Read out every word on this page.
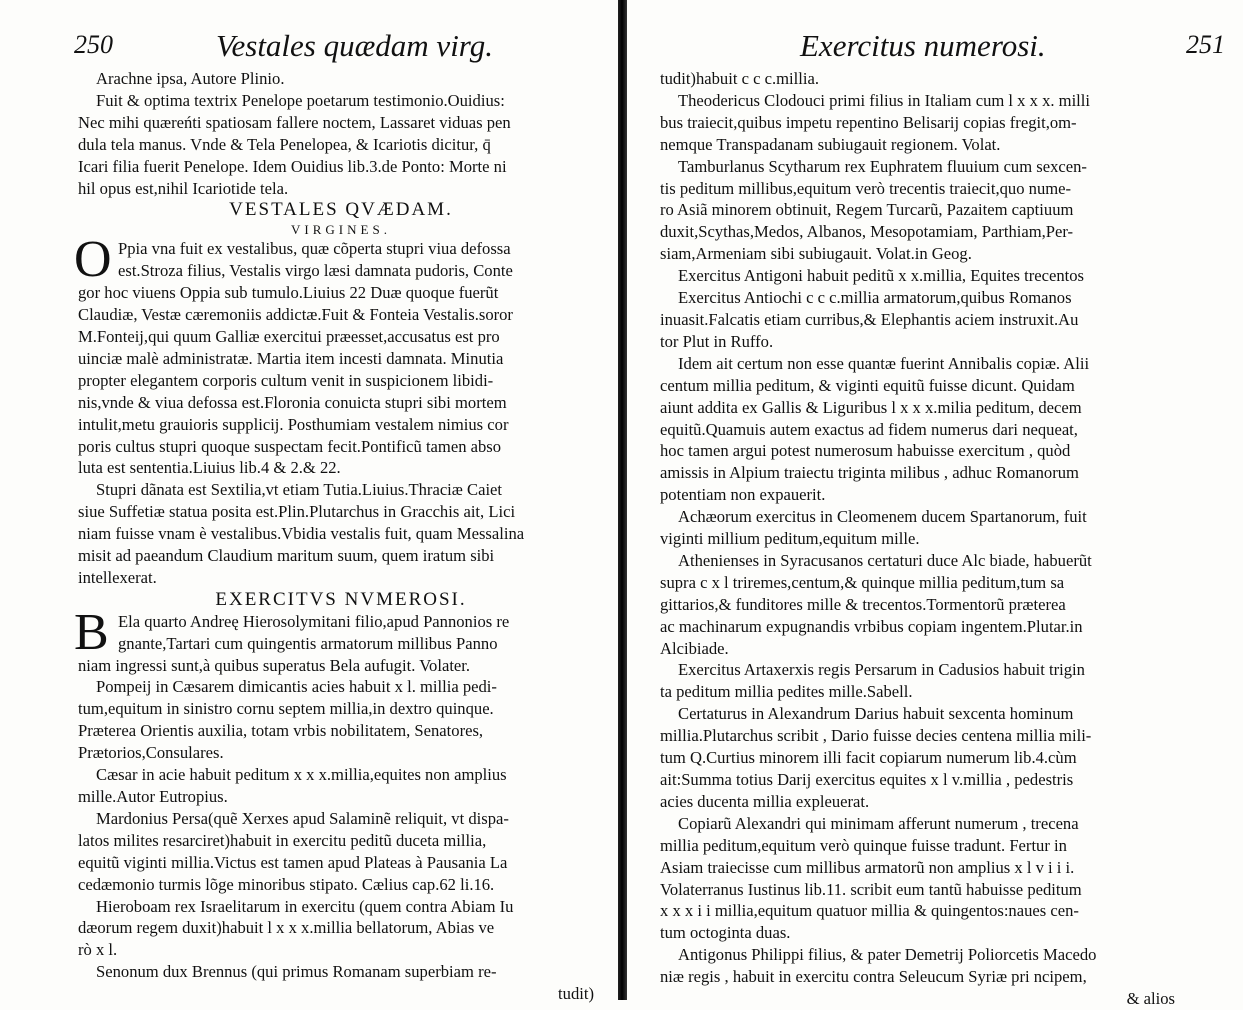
250	Vestales quædam virg.
Arachne ipsa, Autore Plinio.
Fuit & optima textrix Penelope poetarum testimonio.Ouidius:
Nec mihi quæreńti spatiosam fallere noctem, Lassaret viduas pen
dula tela manus. Vnde & Tela Penelopea, & Icariotis dicitur, q̄
Icari filia fuerit Penelope. Idem Ouidius lib.3.de Ponto: Morte ni
hil opus est,nihil Icariotide tela.
VESTALES QVÆDAM.
VIRGINES.
O Ppia vna fuit ex vestalibus, quæ cõperta stupri viua defossa
est.Stroza filius, Vestalis virgo læsi damnata pudoris, Conte
gor hoc viuens Oppia sub tumulo.Liuius 22 Duæ quoque fuerũt
Claudiæ, Vestæ cæremoniis addictæ.Fuit & Fonteia Vestalis.soror
M.Fonteij,qui quum Galliæ exercitui præesset,accusatus est pro
uinciæ malè administratæ. Martia item incesti damnata. Minutia
propter elegantem corporis cultum venit in suspicionem libidi-
nis,vnde & viua defossa est.Floronia conuicta stupri sibi mortem
intulit,metu grauioris supplicij. Posthumiam vestalem nimius cor
poris cultus stupri quoque suspectam fecit.Pontificũ tamen abso
luta est sententia.Liuius lib.4 & 2.& 22.
Stupri dãnata est Sextilia,vt etiam Tutia.Liuius.Thraciæ Caiet
siue Suffetiæ statua posita est.Plin.Plutarchus in Gracchis ait, Lici
niam fuisse vnam è vestalibus.Vbidia vestalis fuit, quam Messalina
misit ad paeandum Claudium maritum suum, quem iratum sibi
intellexerat.
EXERCITVS NVMEROSI.
B Ela quarto Andreę Hierosolymitani filio,apud Pannonios re
gnante,Tartari cum quingentis armatorum millibus Panno
niam ingressi sunt,à quibus superatus Bela aufugit. Volater.
Pompeij in Cæsarem dimicantis acies habuit x l. millia pedi-
tum,equitum in sinistro cornu septem millia,in dextro quinque.
Præterea Orientis auxilia, totam vrbis nobilitatem, Senatores,
Prætorios,Consulares.
Cæsar in acie habuit peditum x x x.millia,equites non amplius
mille.Autor Eutropius.
Mardonius Persa(quẽ Xerxes apud Salaminẽ reliquit, vt dispa-
latos milites resarciret)habuit in exercitu peditũ duceta millia,
equitũ viginti millia.Victus est tamen apud Plateas à Pausania La
cedæmonio turmis lõge minoribus stipato. Cælius cap.62 li.16.
Hieroboam rex Israelitarum in exercitu (quem contra Abiam Iu
dæorum regem duxit)habuit l x x x.millia bellatorum, Abias ve
rò x l.
Senonum dux Brennus (qui primus Romanam superbiam re-
tudit)
Exercitus numerosi.	251
tudit)habuit c c c.millia.
Theodericus Clodouci primi filius in Italiam cum l x x x. milli
bus traiecit,quibus impetu repentino Belisarij copias fregit,om-
nemque Transpadanam subiugauit regionem. Volat.
Tamburlanus Scytharum rex Euphratem fluuium cum sexcen-
tis peditum millibus,equitum verò trecentis traiecit,quo nume-
ro Asiã minorem obtinuit, Regem Turcarũ, Pazaitem captiuum
duxit,Scythas,Medos, Albanos, Mesopotamiam, Parthiam,Per-
siam,Armeniam sibi subiugauit. Volat.in Geog.
Exercitus Antigoni habuit peditũ x x.millia, Equites trecentos
Exercitus Antiochi c c c.millia armatorum,quibus Romanos
inuasit.Falcatis etiam curribus,& Elephantis aciem instruxit.Au
tor Plut in Ruffo.
Idem ait certum non esse quantæ fuerint Annibalis copiæ. Alii
centum millia peditum, & viginti equitũ fuisse dicunt. Quidam
aiunt addita ex Gallis & Liguribus l x x x.milia peditum, decem
equitũ.Quamuis autem exactus ad fidem numerus dari nequeat,
hoc tamen argui potest numerosum habuisse exercitum , quòd
amissis in Alpium traiectu triginta milibus , adhuc Romanorum
potentiam non expauerit.
Achæorum exercitus in Cleomenem ducem Spartanorum, fuit
viginti millium peditum,equitum mille.
Athenienses in Syracusanos certaturi duce Alc biade, habuerũt
supra c x l triremes,centum,& quinque millia peditum,tum sa
gittarios,& funditores mille & trecentos.Tormentorũ præterea
ac machinarum expugnandis vrbibus copiam ingentem.Plutar.in
Alcibiade.
Exercitus Artaxerxis regis Persarum in Cadusios habuit trigin
ta peditum millia pedites mille.Sabell.
Certaturus in Alexandrum Darius habuit sexcenta hominum
millia.Plutarchus scribit , Dario fuisse decies centena millia mili-
tum Q.Curtius minorem illi facit copiarum numerum lib.4.cùm
ait:Summa totius Darij exercitus equites x l v.millia , pedestris
acies ducenta millia expleuerat.
Copiarũ Alexandri qui minimam afferunt numerum , trecena
millia peditum,equitum verò quinque fuisse tradunt. Fertur in
Asiam traiecisse cum millibus armatorũ non amplius x l v i i i.
Volaterranus Iustinus lib.11. scribit eum tantũ habuisse peditum
x x x i i millia,equitum quatuor millia & quingentos:naues cen-
tum octoginta duas.
Antigonus Philippi filius, & pater Demetrij Poliorcetis Macedo
niæ regis , habuit in exercitu contra Seleucum Syriæ pri ncipem,
& alios
